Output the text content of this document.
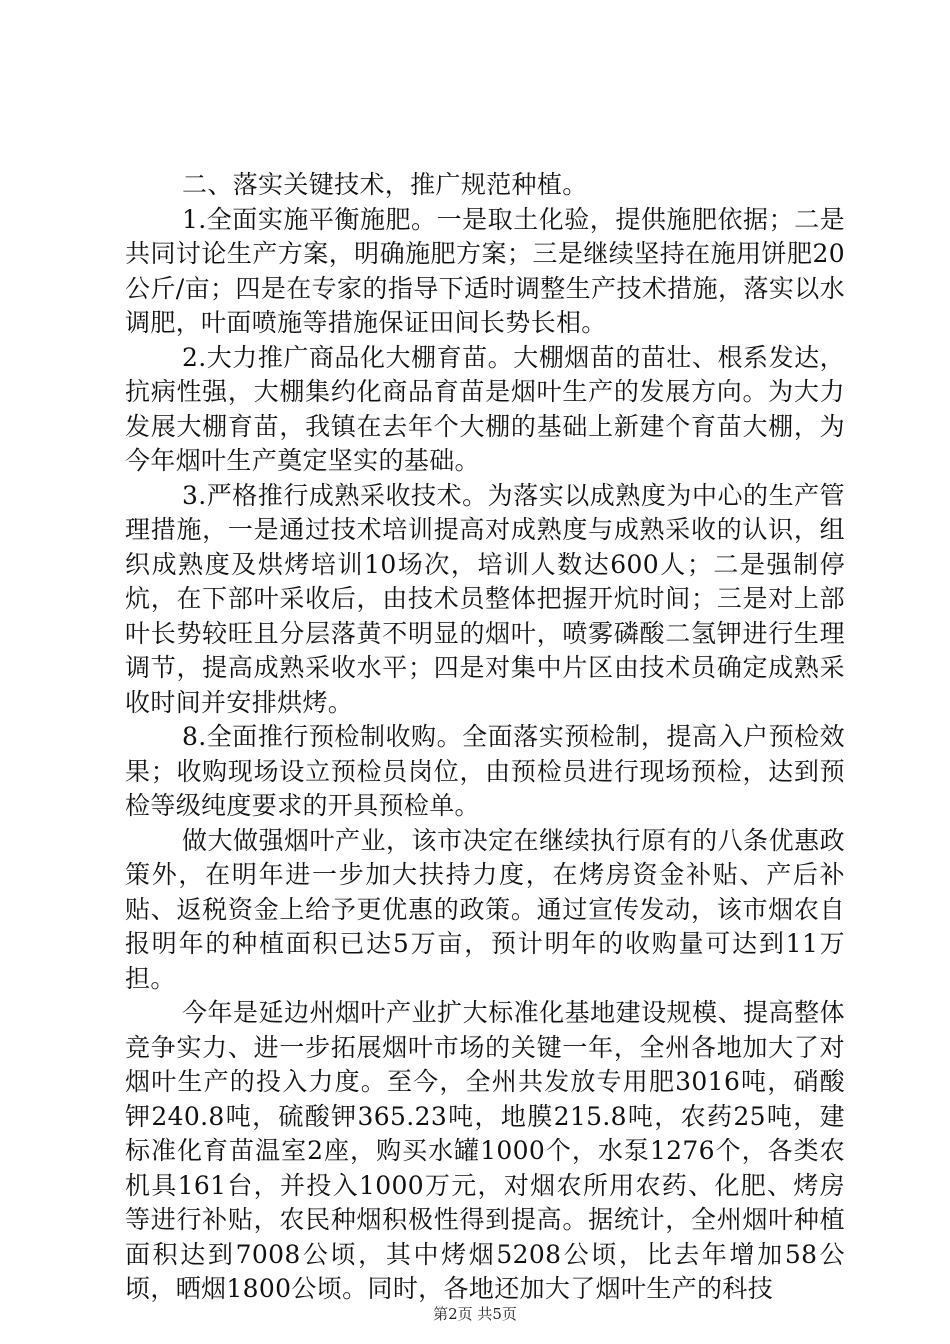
二、落实关键技术，推广规范种植。

1.全面实施平衡施肥。一是取土化验，提供施肥依据；二是共同讨论生产方案，明确施肥方案；三是继续坚持在施用饼肥20公斤/亩；四是在专家的指导下适时调整生产技术措施，落实以水调肥，叶面喷施等措施保证田间长势长相。

2.大力推广商品化大棚育苗。大棚烟苗的苗壮、根系发达，抗病性强，大棚集约化商品育苗是烟叶生产的发展方向。为大力发展大棚育苗，我镇在去年个大棚的基础上新建个育苗大棚，为今年烟叶生产奠定坚实的基础。

3.严格推行成熟采收技术。为落实以成熟度为中心的生产管理措施，一是通过技术培训提高对成熟度与成熟采收的认识，组织成熟度及烘烤培训10场次，培训人数达600人；二是强制停炕，在下部叶采收后，由技术员整体把握开炕时间；三是对上部叶长势较旺且分层落黄不明显的烟叶，喷雾磷酸二氢钾进行生理调节，提高成熟采收水平；四是对集中片区由技术员确定成熟采收时间并安排烘烤。

8.全面推行预检制收购。全面落实预检制，提高入户预检效果；收购现场设立预检员岗位，由预检员进行现场预检，达到预检等级纯度要求的开具预检单。

做大做强烟叶产业，该市决定在继续执行原有的八条优惠政策外，在明年进一步加大扶持力度，在烤房资金补贴、产后补贴、返税资金上给予更优惠的政策。通过宣传发动，该市烟农自报明年的种植面积已达5万亩，预计明年的收购量可达到11万担。

今年是延边州烟叶产业扩大标准化基地建设规模、提高整体竞争实力、进一步拓展烟叶市场的关键一年，全州各地加大了对烟叶生产的投入力度。至今，全州共发放专用肥3016吨，硝酸钾240.8吨，硫酸钾365.23吨，地膜215.8吨，农药25吨，建标准化育苗温室2座，购买水罐1000个，水泵1276个，各类农机具161台，并投入1000万元，对烟农所用农药、化肥、烤房等进行补贴，农民种烟积极性得到提高。据统计，全州烟叶种植面积达到7008公顷，其中烤烟5208公顷，比去年增加58公顷，晒烟1800公顷。同时，各地还加大了烟叶生产的科技

第2页 共5页
